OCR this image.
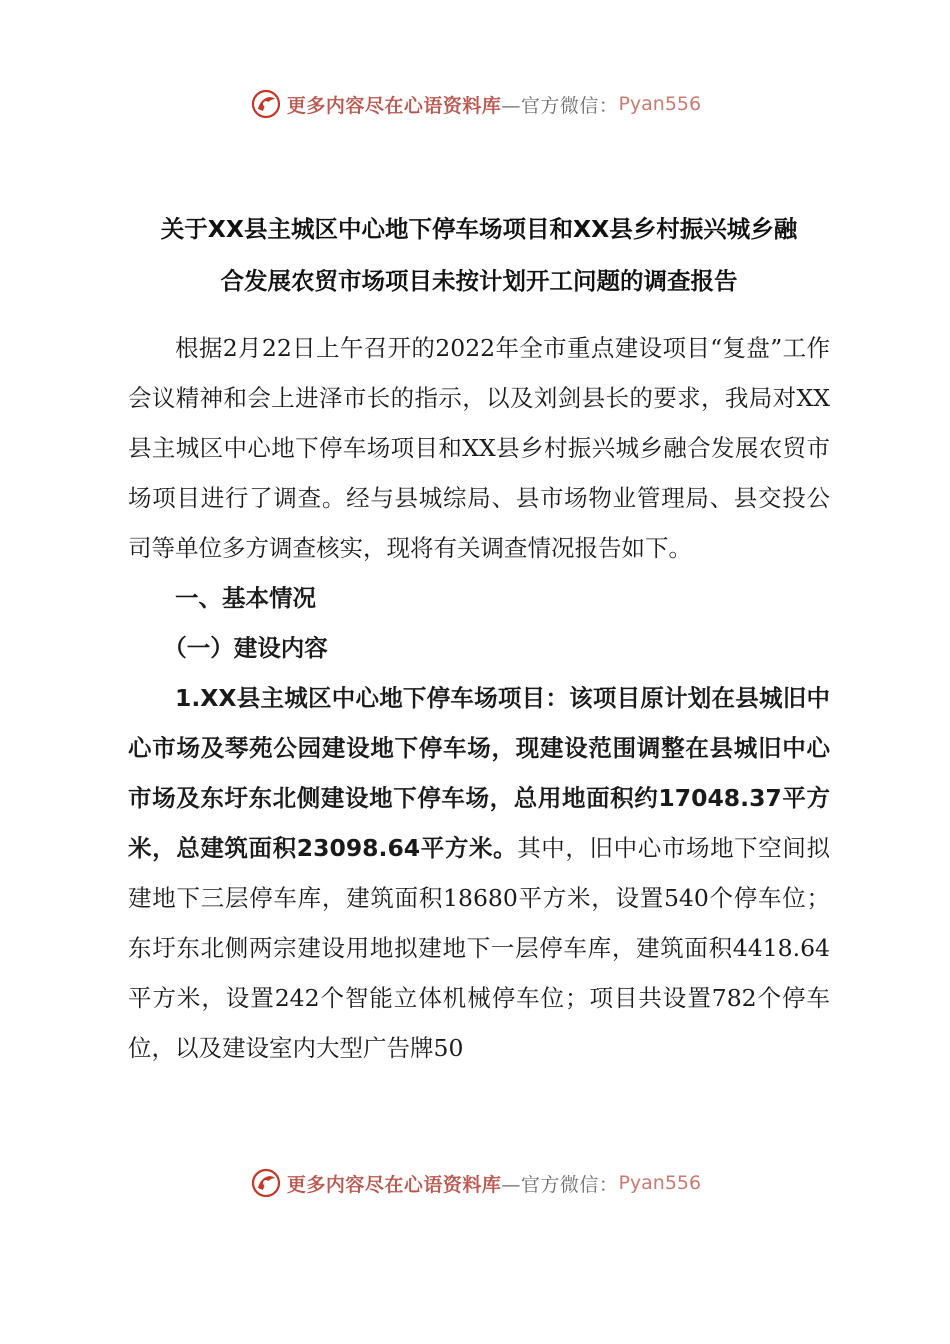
更多内容尽在心语资料库 —官方微信： Pyan556
关于XX县主城区中心地下停车场项目和XX县乡村振兴城乡融
合发展农贸市场项目未按计划开工问题的调查报告

根据2月22日上午召开的2022年全市重点建设项目“复盘”工作会议精神和会上进泽市长的指示，以及刘剑县长的要求，我局对XX县主城区中心地下停车场项目和XX县乡村振兴城乡融合发展农贸市场项目进行了调查。经与县城综局、县市场物业管理局、县交投公司等单位多方调查核实，现将有关调查情况报告如下。

一、基本情况

（一）建设内容

1.XX县主城区中心地下停车场项目：该项目原计划在县城旧中心市场及琴苑公园建设地下停车场，现建设范围调整在县城旧中心市场及东圩东北侧建设地下停车场，总用地面积约17048.37平方米，总建筑面积23098.64平方米。其中，旧中心市场地下空间拟建地下三层停车库，建筑面积18680平方米，设置540个停车位；东圩东北侧两宗建设用地拟建地下一层停车库，建筑面积4418.64平方米，设置242个智能立体机械停车位；项目共设置782个停车位，以及建设室内大型广告牌50

更多内容尽在心语资料库 —官方微信： Pyan556
